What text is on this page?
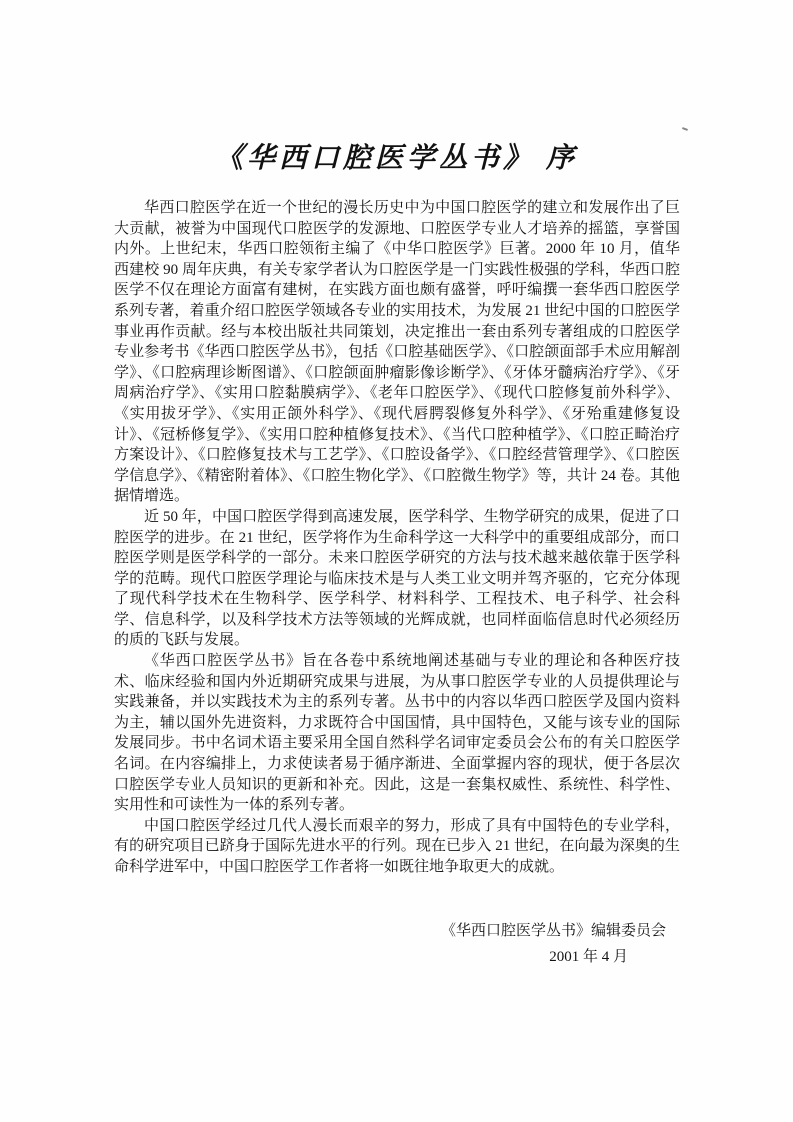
《华西口腔医学丛书》 序

华西口腔医学在近一个世纪的漫长历史中为中国口腔医学的建立和发展作出了巨大贡献，被誉为中国现代口腔医学的发源地、口腔医学专业人才培养的摇篮，享誉国内外。上世纪末，华西口腔领衔主编了《中华口腔医学》巨著。2000 年 10 月，值华西建校 90 周年庆典，有关专家学者认为口腔医学是一门实践性极强的学科，华西口腔医学不仅在理论方面富有建树，在实践方面也颇有盛誉，呼吁编撰一套华西口腔医学系列专著，着重介绍口腔医学领域各专业的实用技术，为发展 21 世纪中国的口腔医学事业再作贡献。经与本校出版社共同策划，决定推出一套由系列专著组成的口腔医学专业参考书《华西口腔医学丛书》，包括《口腔基础医学》、《口腔颌面部手术应用解剖学》、《口腔病理诊断图谱》、《口腔颌面肿瘤影像诊断学》、《牙体牙髓病治疗学》、《牙周病治疗学》、《实用口腔黏膜病学》、《老年口腔医学》、《现代口腔修复前外科学》、《实用拔牙学》、《实用正颌外科学》、《现代唇腭裂修复外科学》、《牙殆重建修复设计》、《冠桥修复学》、《实用口腔种植修复技术》、《当代口腔种植学》、《口腔正畸治疗方案设计》、《口腔修复技术与工艺学》、《口腔设备学》、《口腔经营管理学》、《口腔医学信息学》、《精密附着体》、《口腔生物化学》、《口腔微生物学》等，共计 24 卷。其他据情增选。

近 50 年，中国口腔医学得到高速发展，医学科学、生物学研究的成果，促进了口腔医学的进步。在 21 世纪，医学将作为生命科学这一大科学中的重要组成部分，而口腔医学则是医学科学的一部分。未来口腔医学研究的方法与技术越来越依靠于医学科学的范畴。现代口腔医学理论与临床技术是与人类工业文明并驾齐驱的，它充分体现了现代科学技术在生物科学、医学科学、材料科学、工程技术、电子科学、社会科学、信息科学，以及科学技术方法等领域的光辉成就，也同样面临信息时代必须经历的质的飞跃与发展。

《华西口腔医学丛书》旨在各卷中系统地阐述基础与专业的理论和各种医疗技术、临床经验和国内外近期研究成果与进展，为从事口腔医学专业的人员提供理论与实践兼备，并以实践技术为主的系列专著。丛书中的内容以华西口腔医学及国内资料为主，辅以国外先进资料，力求既符合中国国情，具中国特色，又能与该专业的国际发展同步。书中名词术语主要采用全国自然科学名词审定委员会公布的有关口腔医学名词。在内容编排上，力求使读者易于循序渐进、全面掌握内容的现状，便于各层次口腔医学专业人员知识的更新和补充。因此，这是一套集权威性、系统性、科学性、实用性和可读性为一体的系列专著。

中国口腔医学经过几代人漫长而艰辛的努力，形成了具有中国特色的专业学科，有的研究项目已跻身于国际先进水平的行列。现在已步入 21 世纪，在向最为深奥的生命科学进军中，中国口腔医学工作者将一如既往地争取更大的成就。

《华西口腔医学丛书》编辑委员会
2001 年 4 月
